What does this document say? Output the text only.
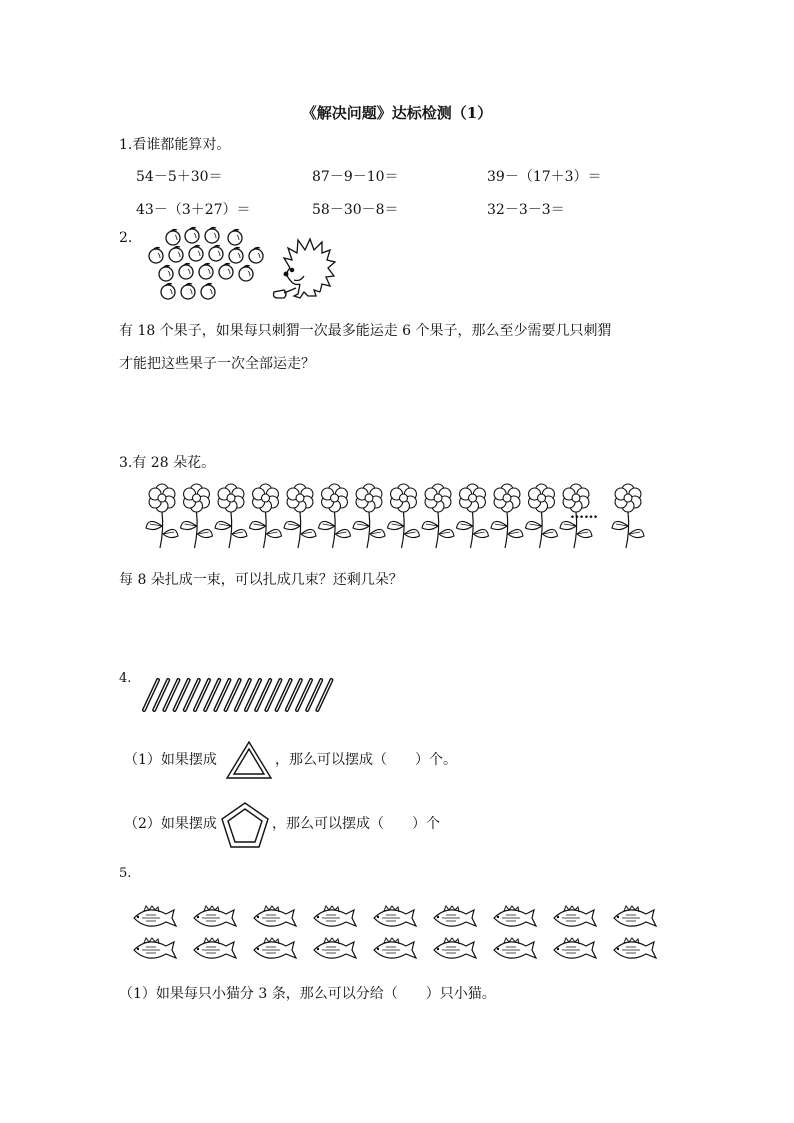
《解决问题》达标检测（1）
1.看谁都能算对。
54－5＋30＝	87－9－10＝	39－（17＋3）＝
43－（3＋27）＝	58－30－8＝	32－3－3＝
2.
有 18 个果子，如果每只刺猬一次最多能运走 6 个果子，那么至少需要几只刺猬
才能把这些果子一次全部运走？
3.有 28 朵花。
……
每 8 朵扎成一束，可以扎成几束？还剩几朵？
4.
（1）如果摆成	，那么可以摆成（　　）个。
（2）如果摆成	，那么可以摆成（　　）个
5.
（1）如果每只小猫分 3 条，那么可以分给（　　）只小猫。
